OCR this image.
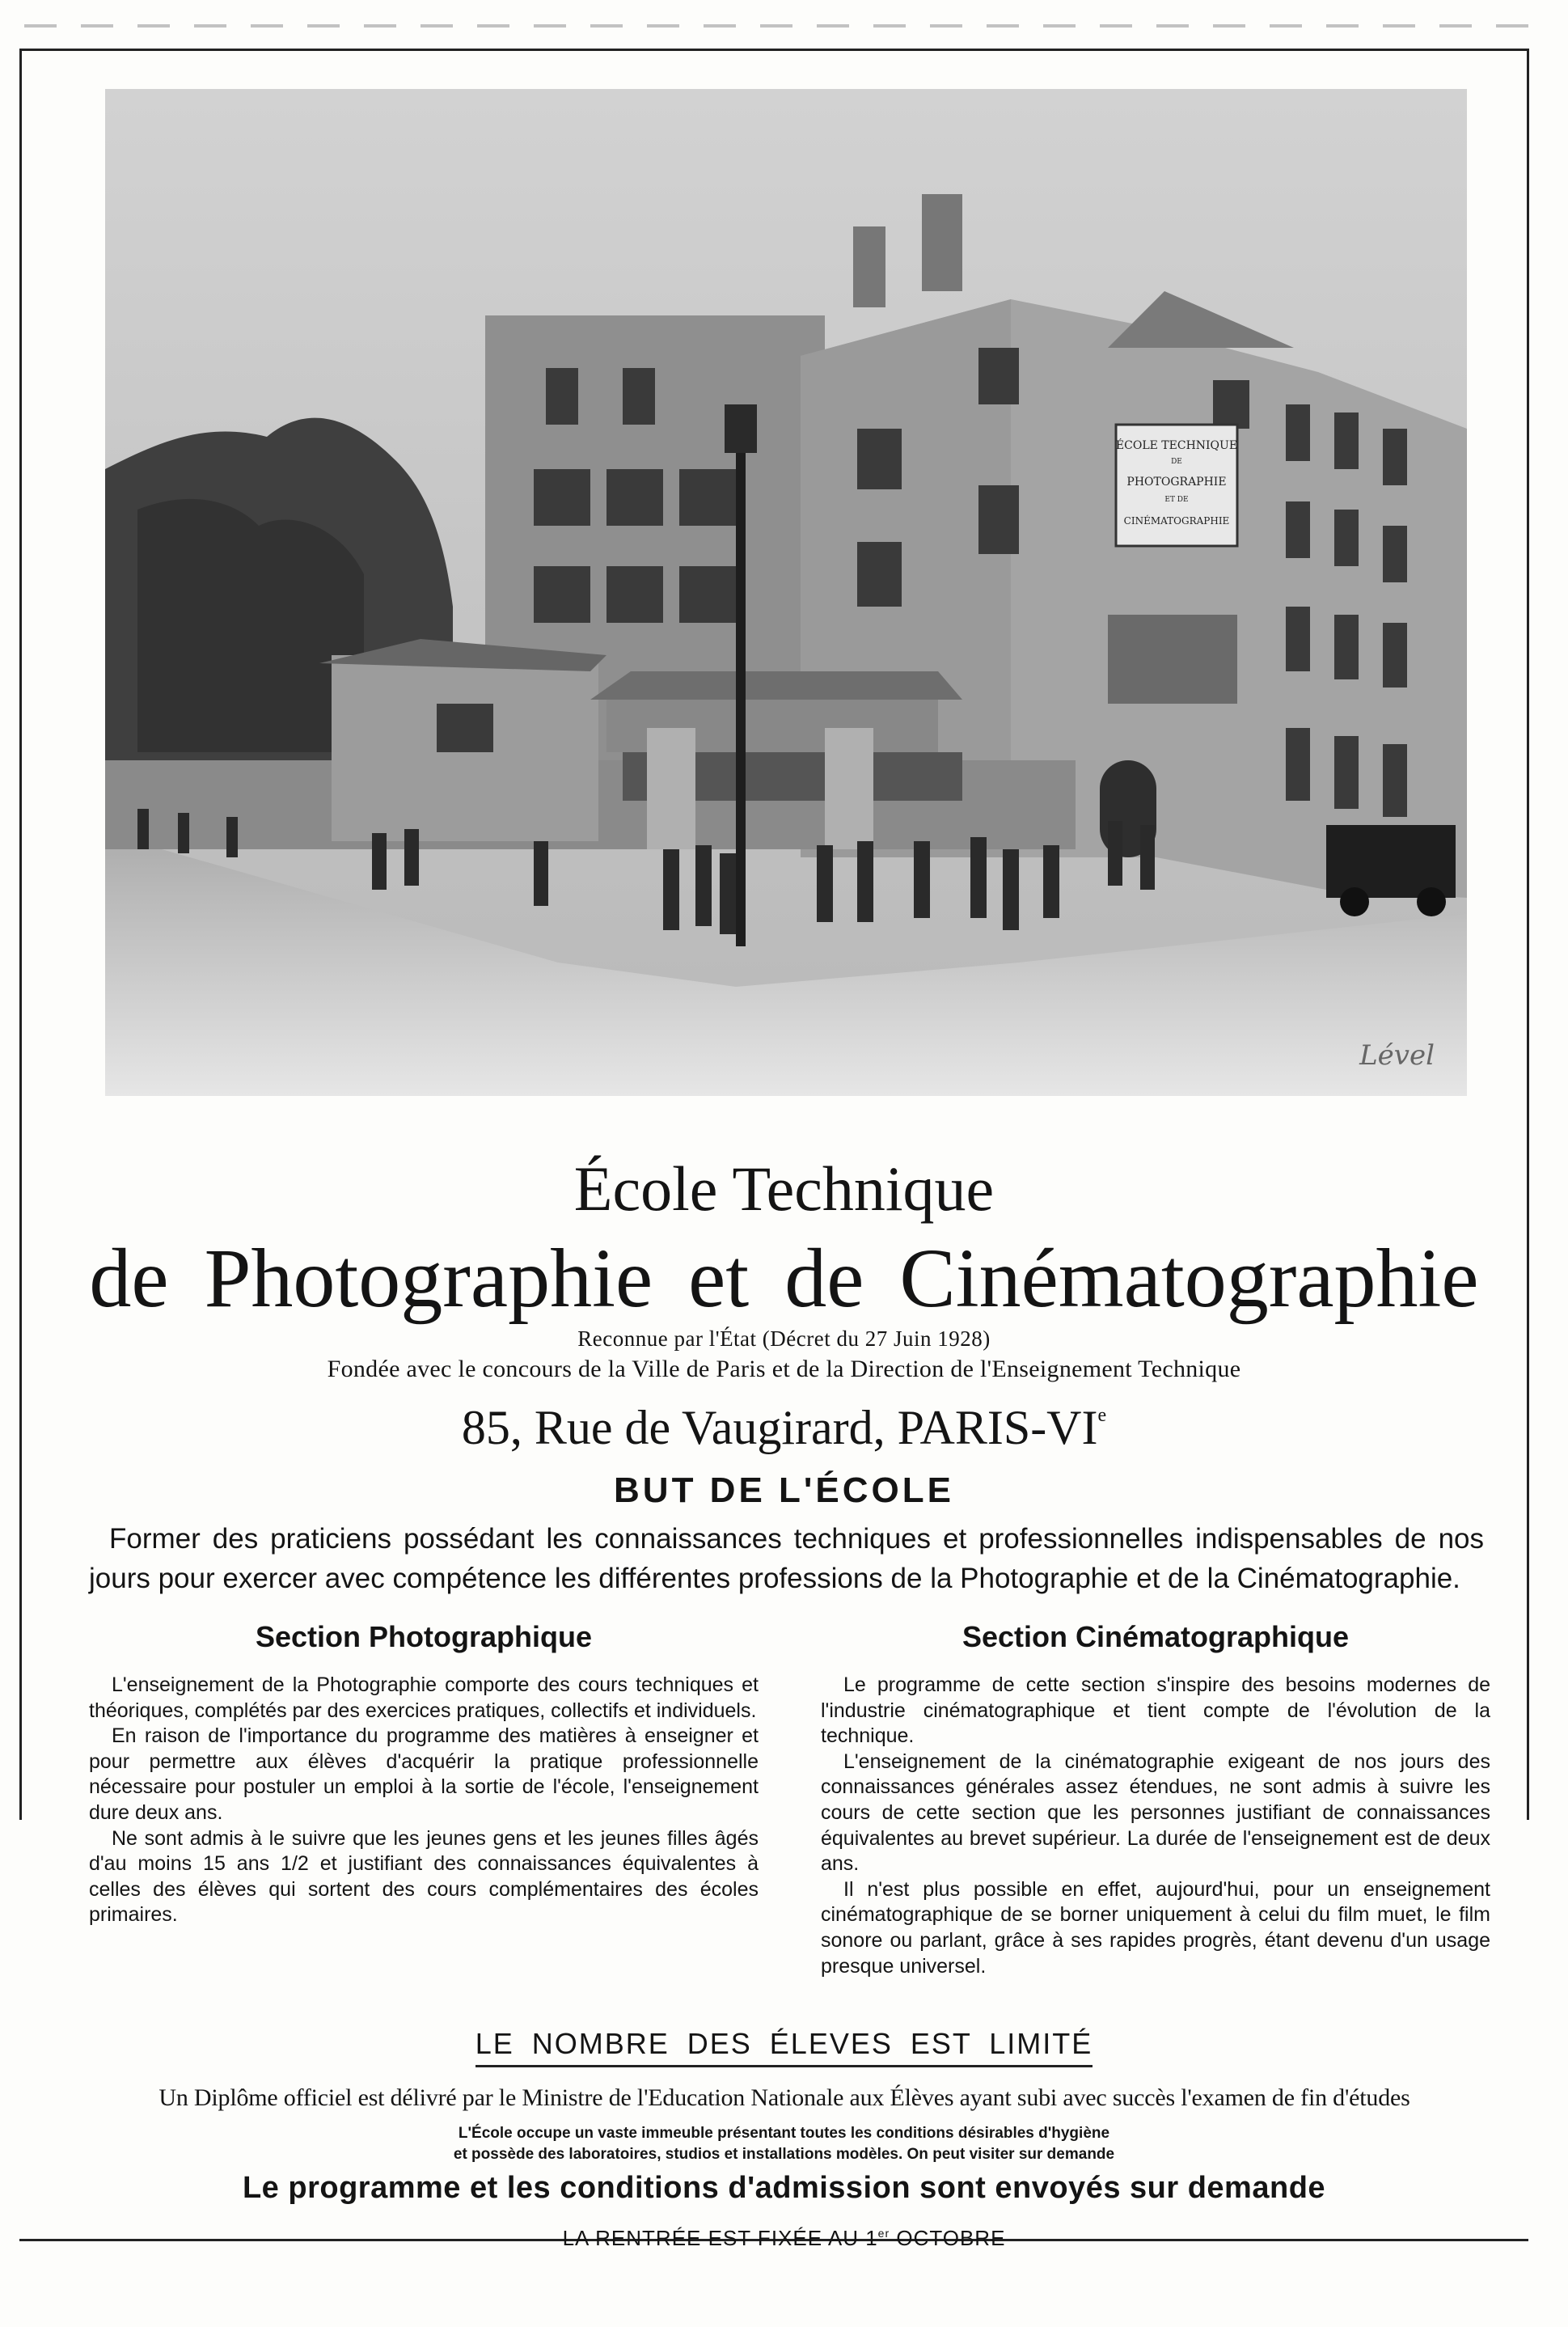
ÉCOLE TECHNIQUE
DE
PHOTOGRAPHIE
ET DE
CINÉMATOGRAPHIE
Lével
École Technique
de Photographie et de Cinématographie
Reconnue par l'État (Décret du 27 Juin 1928)
Fondée avec le concours de la Ville de Paris et de la Direction de l'Enseignement Technique
85, Rue de Vaugirard, PARIS-VIe
BUT DE L'ÉCOLE
Former des praticiens possédant les connaissances techniques et professionnelles indispensables de nos jours pour exercer avec compétence les différentes professions de la Photographie et de la Cinématographie.
Section Photographique	Section Cinématographique

L'enseignement de la Photographie comporte des cours techniques et théoriques, complétés par des exercices pratiques, collectifs et individuels.

En raison de l'importance du programme des matières à enseigner et pour permettre aux élèves d'acquérir la pratique professionnelle nécessaire pour postuler un emploi à la sortie de l'école, l'enseignement dure deux ans.

Ne sont admis à le suivre que les jeunes gens et les jeunes filles âgés d'au moins 15 ans 1/2 et justifiant des connaissances équivalentes à celles des élèves qui sortent des cours complémentaires des écoles primaires.

Le programme de cette section s'inspire des besoins modernes de l'industrie cinématographique et tient compte de l'évolution de la technique.

L'enseignement de la cinématographie exigeant de nos jours des connaissances générales assez étendues, ne sont admis à suivre les cours de cette section que les personnes justifiant de connaissances équivalentes au brevet supérieur. La durée de l'enseignement est de deux ans.

Il n'est plus possible en effet, aujourd'hui, pour un enseignement cinématographique de se borner uniquement à celui du film muet, le film sonore ou parlant, grâce à ses rapides progrès, étant devenu d'un usage presque universel.

LE NOMBRE DES ÉLEVES EST LIMITÉ
Un Diplôme officiel est délivré par le Ministre de l'Education Nationale aux Élèves ayant subi avec succès l'examen de fin d'études
L'École occupe un vaste immeuble présentant toutes les conditions désirables d'hygiène
et possède des laboratoires, studios et installations modèles. On peut visiter sur demande
Le programme et les conditions d'admission sont envoyés sur demande
LA RENTRÉE EST FIXÉE AU 1er OCTOBRE
